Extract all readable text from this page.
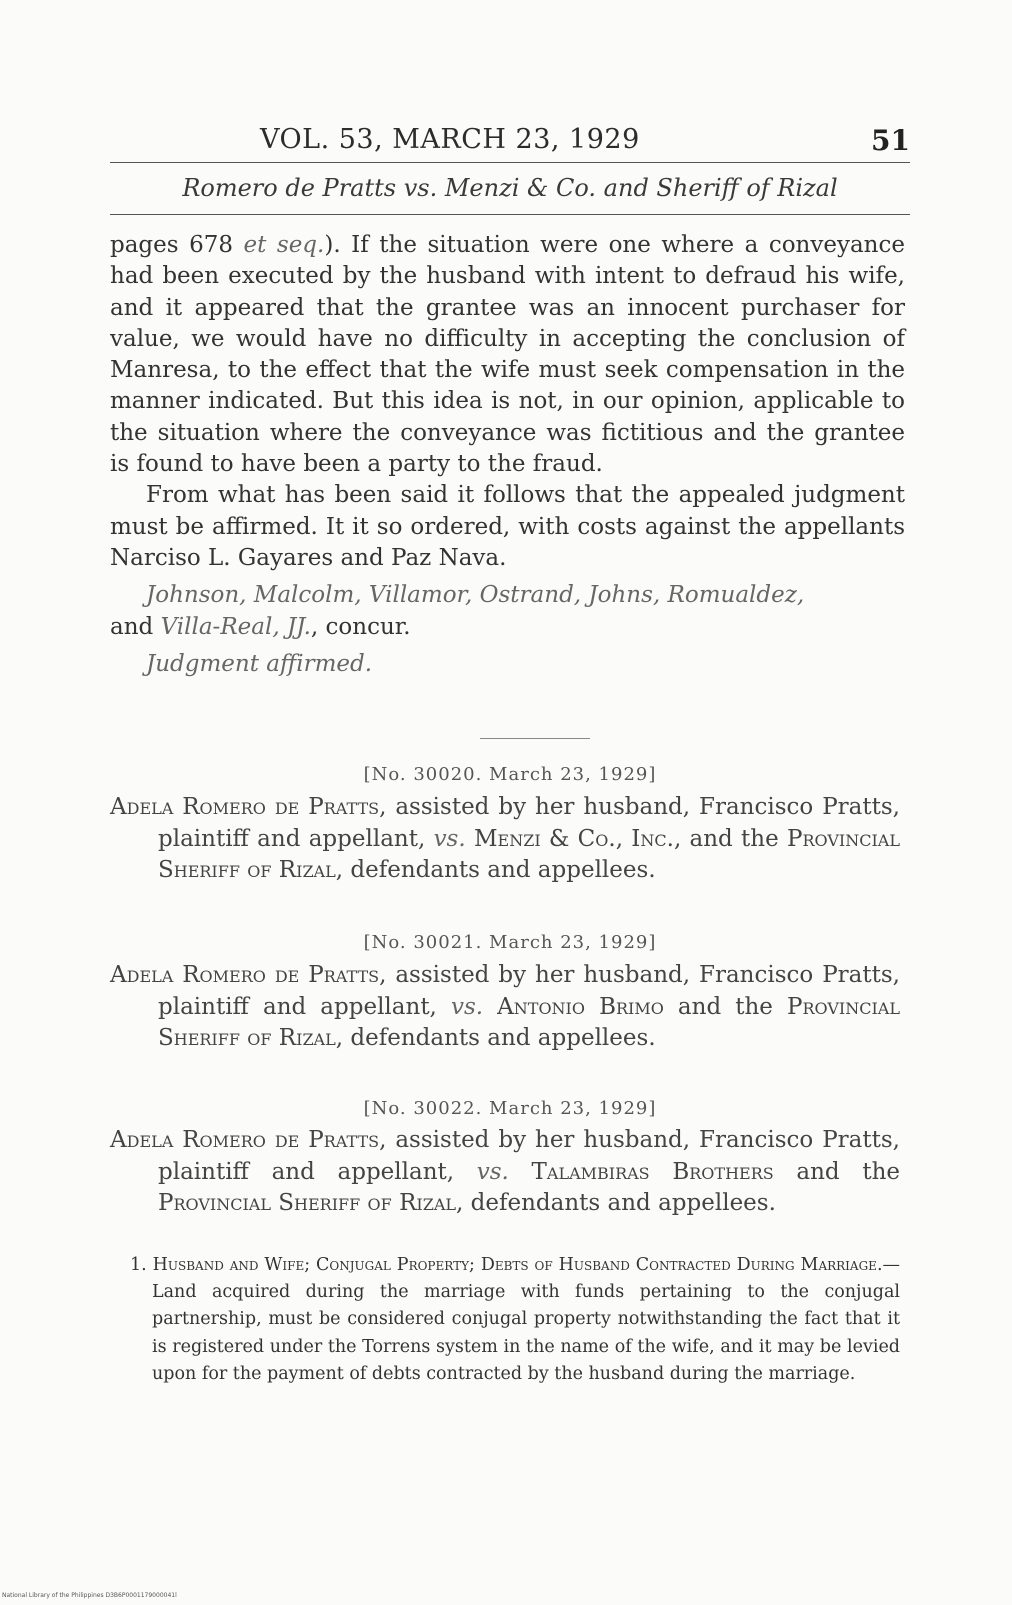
VOL. 53, MARCH 23, 1929	51
Romero de Pratts vs. Menzi & Co. and Sheriff of Rizal

pages 678 et seq.). If the situation were one where a conveyance had been executed by the husband with intent to defraud his wife, and it appeared that the grantee was an innocent purchaser for value, we would have no difficulty in accepting the conclusion of Manresa, to the effect that the wife must seek compensation in the manner indicated. But this idea is not, in our opinion, applicable to the situation where the conveyance was fictitious and the grantee is found to have been a party to the fraud.

From what has been said it follows that the appealed judgment must be affirmed. It it so ordered, with costs against the appellants Narciso L. Gayares and Paz Nava.

Johnson, Malcolm, Villamor, Ostrand, Johns, Romualdez,
and Villa-Real, JJ., concur.

Judgment affirmed.

[No. 30020. March 23, 1929]
Adela Romero de Pratts, assisted by her husband, Francisco Pratts, plaintiff and appellant, vs. Menzi & Co., Inc., and the Provincial Sheriff of Rizal, defendants and appellees.
[No. 30021. March 23, 1929]
Adela Romero de Pratts, assisted by her husband, Francisco Pratts, plaintiff and appellant, vs. Antonio Brimo and the Provincial Sheriff of Rizal, defendants and appellees.
[No. 30022. March 23, 1929]
Adela Romero de Pratts, assisted by her husband, Francisco Pratts, plaintiff and appellant, vs. Talambiras Brothers and the Provincial Sheriff of Rizal, defendants and appellees.
1. Husband and Wife; Conjugal Property; Debts of Husband Contracted During Marriage.—Land acquired during the marriage with funds pertaining to the conjugal partnership, must be considered conjugal property notwithstanding the fact that it is registered under the Torrens system in the name of the wife, and it may be levied upon for the payment of debts contracted by the husband during the marriage.
National Library of the Philippines D3B6P0001179000041l
